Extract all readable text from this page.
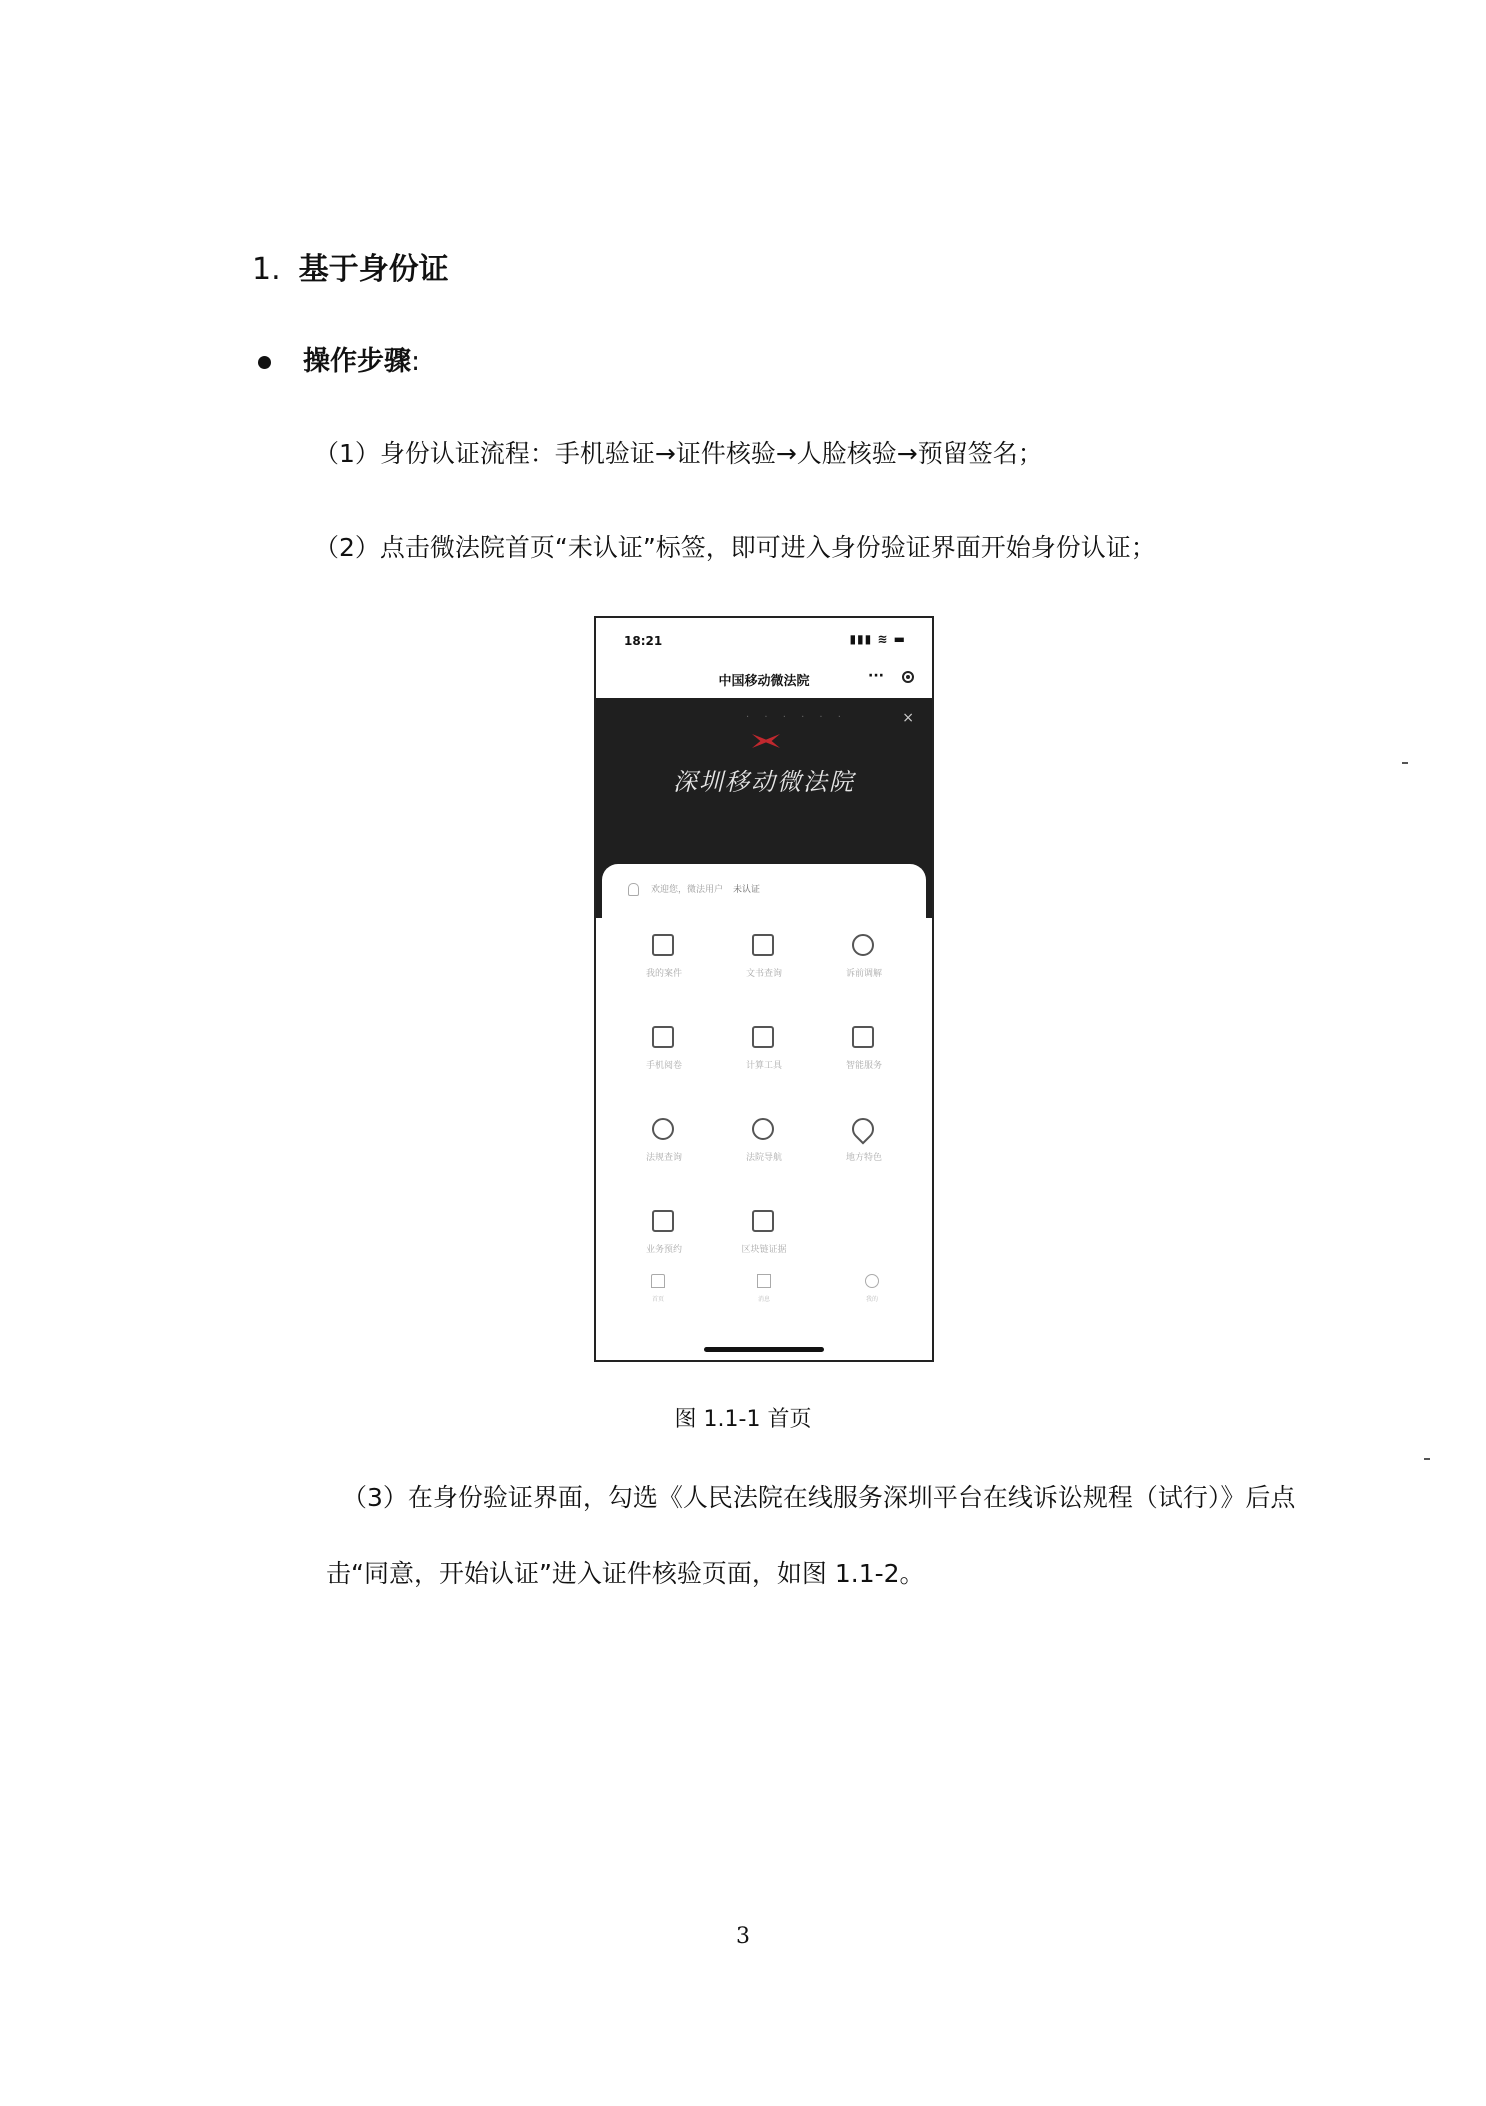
1. 基于身份证
操作步骤:
（1）身份认证流程：手机验证→证件核验→人脸核验→预留签名；
（2）点击微法院首页“未认证”标签，即可进入身份验证界面开始身份认证；
18:21	▮▮▮ ≋ ▬
中国移动微法院	···
· · · · · ·	×
深圳移动微法院
欢迎您，微法用户 未认证
我的案件	文书查询	诉前调解
手机阅卷	计算工具	智能服务
法规查询	法院导航	地方特色
业务预约	区块链证据
首页	消息	我的
图 1.1-1 首页
（3）在身份验证界面，勾选《人民法院在线服务深圳平台在线诉讼规程（试行）》后点
击“同意，开始认证”进入证件核验页面，如图 1.1-2。
3
